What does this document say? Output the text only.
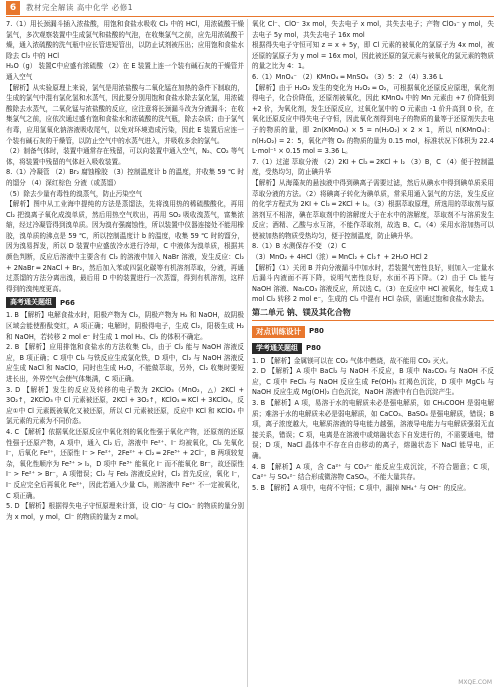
6	教材完全解读 高中化学 必修1
7.（1）用长颈漏斗插入浓盐酸，用饱和食盐水吸收 Cl₂ 中的 HCl，用浓硫酸干燥氯气，多次观察装置中生成氯气和盐酸的气泡，在收集氯气之前，应先用浓硫酸干燥，通入浓硫酸的洗气瓶中应长管进短管出，以防止试剂被压出；应用饱和食盐水除去 Cl₂ 中的 HCl
H₂O（g） 装置C中应盛有浓硫酸 （2）在 E 装置上连一个装有碱石灰的干燥管并通入空气
【解析】从实验原理上来说，氯气是用浓盐酸与二氧化锰在加热的条件下制取的，生成的氯气中混有氯化氢和水蒸气，因此要分别用饱和食盐水除去氯化氢，用浓硫酸除去水蒸气，二氧化锰与浓盐酸的反应，应注意将长颈漏斗改为分液漏斗；在收集氯气之前，应依次通过盛有饱和食盐水和浓硫酸的洗气瓶，除去杂质；由于氯气有毒，应用氢氧化钠溶液吸收尾气，以免对环境造成污染，因此 E 装置后应连一个装有碱石灰的干燥管，以防止空气中的水蒸气进入，并吸收多余的氯气。
（2）制备气体时，装置中通常存在残留，可以向装置中通入空气，N₂、CO₂ 等气体，将装置中残留的气体赶入吸收装置。
8.（1）冷凝管 （2）Br₂ 腐蚀橡胶 （3）控制温度计 b 的温度，并收集 59 ℃ 时的馏分 （4）深红棕色 分液（或蒸馏）
（5）除去少量有毒性的溴蒸气，防止污染空气
【解析】图中从工业海中提纯的方法是蒸馏法，先将溴用热的稀硫酸酸化，再用 Cl₂ 把溴离子氧化成溴单质，然后用热空气吹出，再用 SO₂ 吸收溴蒸气，富集浓缩，经过冷凝管得到溴单质。因为溴有强腐蚀性，所以装置中仪器连接处不能用橡胶，溴单质的沸点是 59 ℃，所以控制温度计 b 的温度，收集 59 ℃ 时的馏分，因为溴易挥发，所以 D 装置中应盛放冷水进行冷却，C 中液体为溴单质，根据其颜色判断，反应后溶液中主要含有 Cl₂ 的溶液中加入 NaBr 溶液，发生反应：Cl₂ + 2NaBr ═ 2NaCl + Br₂，然后加入苯或四氯化碳等有机溶剂萃取，分液，再通过蒸馏的方法分离出溴，最后用 D 中的装置进行一次蒸馏，得到有机溶剂，这样得到的溴纯度更高。
高考通关题组	P66
1. B 【解析】电解食盐水时，阳极产物为 Cl₂，阴极产物为 H₂ 和 NaOH，故阴极区域会能使酚酞变红，A 项正确；电解时，阴极得电子，生成 Cl₂，阳极生成 H₂ 和 NaOH，若转移 2 mol e⁻ 时生成 1 mol H₂、Cl₂ 的体积不确定。
2. B 【解析】应用排饱和食盐水的方法收集 Cl₂，由于 Cl₂ 能与 NaOH 溶液反应，B 项正确；C 项中 Cl₂ 与铁反应生成氯化铁，D 项中，Cl₂ 与 NaOH 溶液反应生成 NaCl 和 NaClO，同时也生成 H₂O，不能做萃取，另外，Cl₂ 收集时要短进长出，外界空气会使气体集满，C 项正确。
3. D 【解析】发生的反应及转移的电子数为 2KClO₃（MnO₂，△）2KCl + 3O₂↑，2KClO₃ 中 Cl 元素被还原，2KCl + 3O₂↑，KClO₃ ═ KCl + 3KClO₄，反应①中 Cl 元素既被氧化又被还原，所以 Cl 元素被还原，反应中 KCl 和 KClO₄ 中氯元素的元素为不同价态。
4. C 【解析】依据氧化还原反应中氧化剂的氧化性强于氧化产物，还原剂的还原性强于还原产物，A 项中，通入 Cl₂ 后，溶液中 Fe²⁺、I⁻ 均被氧化，Cl₂ 先氧化 I⁻，后氧化 Fe²⁺，还原性 I⁻ > Fe²⁺，2Fe²⁺ + Cl₂ ═ 2Fe³⁺ + 2Cl⁻，B 两项较复杂，氧化性顺序为 Fe³⁺ > I₂，D 项中 Fe³⁺ 能氧化 I⁻ 而不能氧化 Br⁻，故还原性 I⁻ > Fe²⁺ > Br⁻，A 项错误；Cl₂ 与 FeI₂ 溶液反应时，Cl₂ 首先反应，氧化 I⁻，I⁻ 反应完全后再氧化 Fe²⁺，因此若通入少量 Cl₂，则溶液中 Fe²⁺ 不一定被氧化，C 项正确。
5. D 【解析】根据得失电子守恒原理来计算，设 ClO⁻ 与 ClO₃⁻ 的物质的量分别为 x mol，y mol，Cl⁻ 的物质的量为 z mol。
氧化 Cl⁻、ClO⁻ 3x mol，失去电子 x mol，共失去电子；产物 ClO₃⁻ y mol，失去电子 5y mol，共失去电子 16x mol
根据得失电子守恒可知 z = x + 5y，即 Cl 元素的被氧化的氯原子为 4x mol，被还原的氯原子为 y mol = 16x mol，因此被还原的氯元素与被氧化的氯元素的物质的量之比为 4：1。
6.（1）MnO₄⁻ （2）KMnO₄ ═ MnSO₄ （3）5：2 （4）3.36 L
【解析】由于 H₂O₂ 发生的变化为 H₂O₂ ═ O₂，可根据氧化还原反应原理，氧化剂得电子，化合价降低，还原剂被氧化，因此 KMnO₄ 中的 Mn 元素由 +7 价降低到 +2 价，为氧化剂，发生还原反应，过氧化氢中的 O 元素由 -1 价升高到 0 价，在氧化还原反应中得失电子守恒，因此氧化剂得到电子的物质的量等于还原剂失去电子的物质的量，即 2n(KMnO₄) × 5 = n(H₂O₂) × 2 × 1，所以 n(KMnO₄)：n(H₂O₂) = 2：5，氧化产物 O₂ 的物质的量为 0.15 mol，标准状况下体积为 22.4 L·mol⁻¹ × 0.15 mol = 3.36 L。
7.（1）过滤 萃取分液 （2）2KI + Cl₂ ═ 2KCl + I₂ （3）B，C （4）便于控制温度，受热均匀，防止碘升华
【解析】从海藻灰的悬浊液中得到碘离子需要过滤，然后从碘水中得到碘单质采用萃取分液的方法。（2）将碘离子转化为碘单质，常采用通入氯气的方法，发生反应的化学方程式为 2KI + Cl₂ ═ 2KCl + I₂。（3）根据萃取原理，所选用的萃取剂与原溶剂互不相溶，碘在萃取剂中的溶解度大于在水中的溶解度，萃取剂不与溶质发生反应；酒精、乙酸与水互溶，不能作萃取剂，故选 B、C。（4）采用水浴加热可以使被加热的物质受热均匀，便于控制温度，防止碘升华。
8.（1）B 水测保存不变 （2）C
（3）MnO₂ + 4HCl（浓）═ MnCl₂ + Cl₂↑ + 2H₂O HCl 2
【解析】（1）关闭 B 并向分液漏斗中加水时，若装置气密性良好，则加入一定量水后漏斗内液面不再下降，说明气密性良好，水面不再下降。（2）由于 Cl₂ 能与 NaOH 溶液、Na₂CO₃ 溶液反应，所以选 C。（3）在反应中 HCl 被氧化，每生成 1 mol Cl₂ 转移 2 mol e⁻，生成的 Cl₂ 中混有 HCl 杂质，需通过饱和食盐水除去。
第二单元 钠、镁及其化合物
对点训练设计	P80
学考通关题组	P80
1. D 【解析】金属镁可以在 CO₂ 气体中燃烧，故不能用 CO₂ 灭火。
2. D 【解析】A 项中 BaCl₂ 与 NaOH 不反应，B 项中 Na₂CO₃ 与 NaOH 不反应，C 项中 FeCl₃ 与 NaOH 反应生成 Fe(OH)₃ 红褐色沉淀，D 项中 MgCl₂ 与 NaOH 反应生成 Mg(OH)₂ 白色沉淀，NaOH 溶液中有白色沉淀产生。
3. B 【解析】A 项，易溶于水的电解质未必是强电解质，如 CH₃COOH 是弱电解质；难溶于水的电解质未必是弱电解质，如 CaCO₃、BaSO₄ 是强电解质，错误；B 项，离子浓度越大，电解质溶液的导电能力越强，溶液导电能力与电解质强弱无直接关系，错误；C 项，电离是在溶液中或熔融状态下自发进行的，不需要通电，错误；D 项，NaCl 晶体中不存在自由移动的离子，熔融状态下 NaCl 能导电，正确。
4. B 【解析】A 项，含 Ca²⁺ 与 CO₃²⁻ 能反应生成沉淀，不符合题意；C 项，Ca²⁺ 与 SO₄²⁻ 结合形成微溶物 CaSO₄，不能大量共存。
5. B 【解析】A 项中，电荷不守恒；C 项中，漏掉 NH₄⁺ 与 OH⁻ 的反应。
MXQE.COM
